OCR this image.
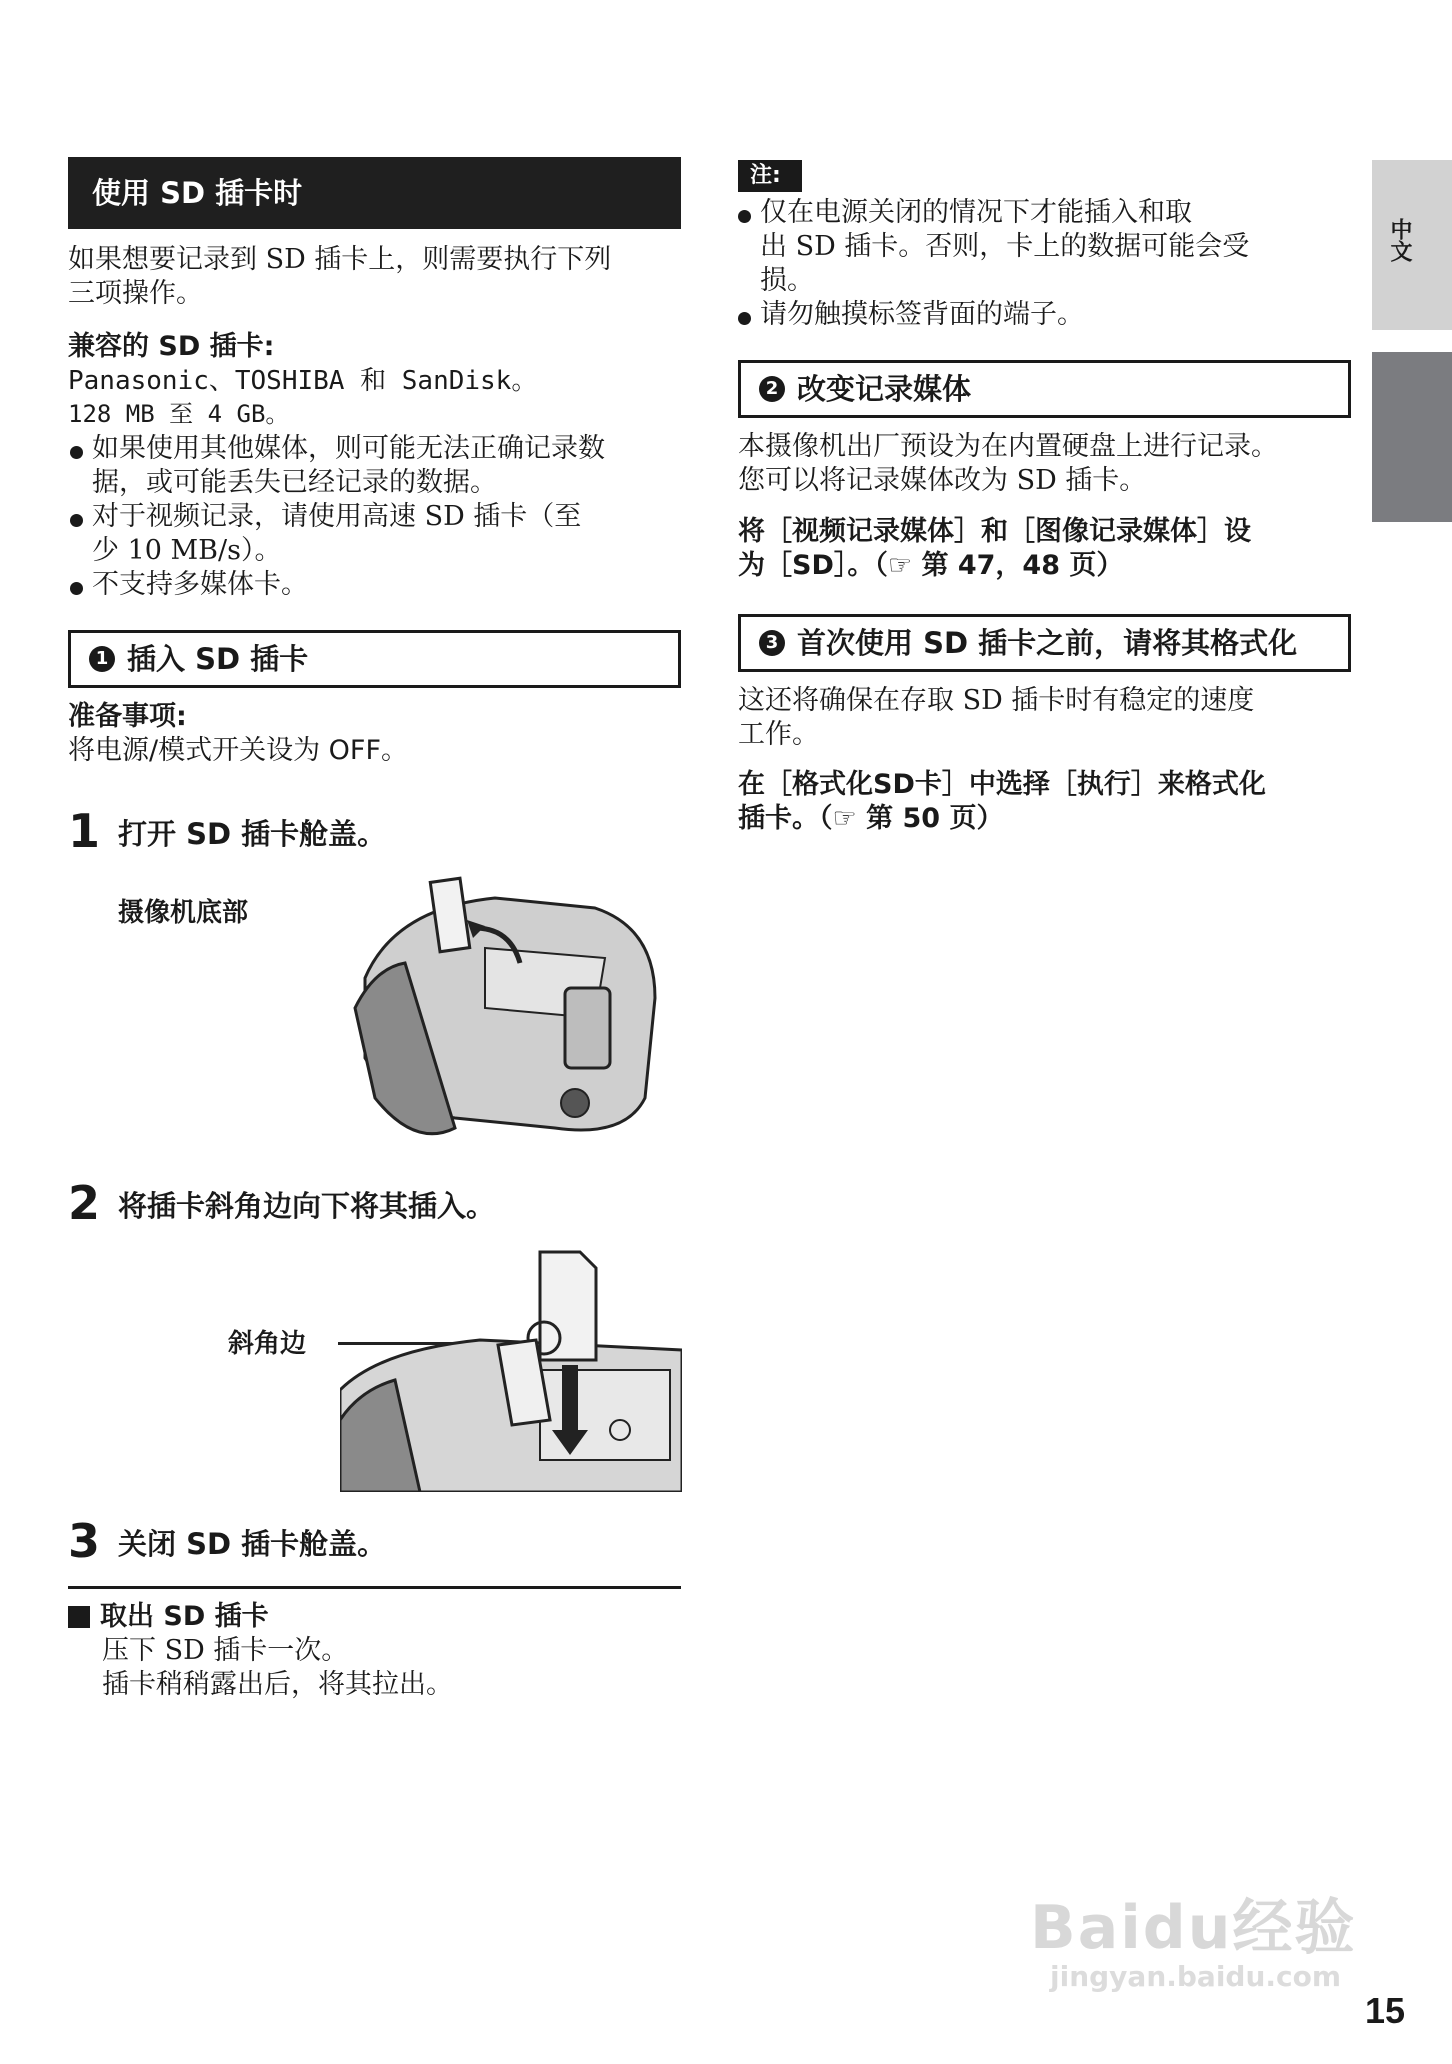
使用 SD 插卡时

如果想要记录到 SD 插卡上，则需要执行下列

三项操作。

兼容的 SD 插卡:

Panasonic、TOSHIBA 和 SanDisk。

128 MB 至 4 GB。

如果使用其他媒体，则可能无法正确记录数
据，或可能丢失已经记录的数据。
对于视频记录，请使用高速 SD 插卡（至
少 10 MB/s）。
不支持多媒体卡。
1 插入 SD 插卡

准备事项:

将电源/模式开关设为 OFF。

1 打开 SD 插卡舱盖。
摄像机底部
2 将插卡斜角边向下将其插入。
斜角边
3 关闭 SD 插卡舱盖。
取出 SD 插卡

压下 SD 插卡一次。

插卡稍稍露出后，将其拉出。

注:
仅在电源关闭的情况下才能插入和取
出 SD 插卡。否则，卡上的数据可能会受
损。
请勿触摸标签背面的端子。
2 改变记录媒体

本摄像机出厂预设为在内置硬盘上进行记录。

您可以将记录媒体改为 SD 插卡。

将［视频记录媒体］和［图像记录媒体］设

为［SD］。（☞ 第 47，48 页）

3 首次使用 SD 插卡之前，请将其格式化

这还将确保在存取 SD 插卡时有稳定的速度

工作。

在［格式化SD卡］中选择［执行］来格式化

插卡。（☞ 第 50 页）

中文
Baidu经验
jingyan.baidu.com
15
